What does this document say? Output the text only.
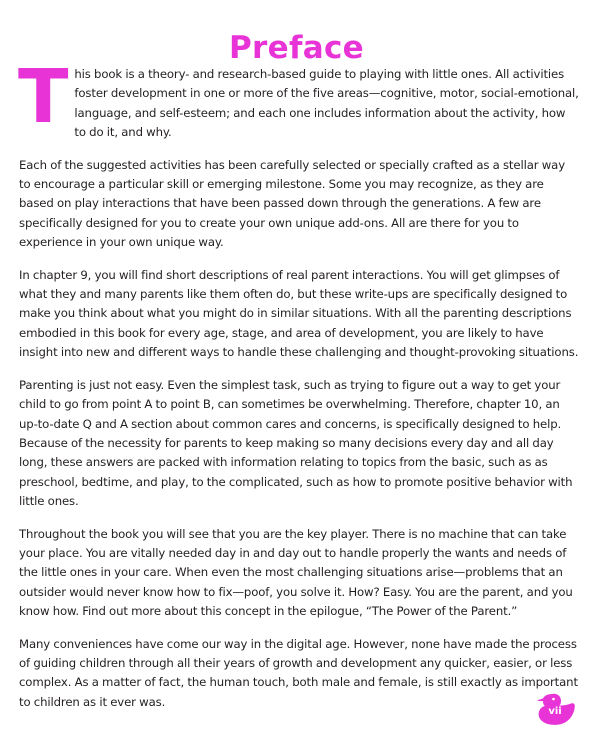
Preface

This book is a theory- and research-based guide to playing with little ones. All activities foster development in one or more of the five areas—cognitive, motor, social-emotional, language, and self-esteem; and each one includes information about the activity, how to do it, and why.

Each of the suggested activities has been carefully selected or specially crafted as a stellar way to encourage a particular skill or emerging milestone. Some you may recognize, as they are based on play interactions that have been passed down through the generations. A few are specifically designed for you to create your own unique add-ons. All are there for you to experience in your own unique way.

In chapter 9, you will find short descriptions of real parent interactions. You will get glimpses of what they and many parents like them often do, but these write-ups are specifically designed to make you think about what you might do in similar situations. With all the parenting descriptions embodied in this book for every age, stage, and area of development, you are likely to have insight into new and different ways to handle these challenging and thought-provoking situations.

Parenting is just not easy. Even the simplest task, such as trying to figure out a way to get your child to go from point A to point B, can sometimes be overwhelming. Therefore, chapter 10, an up-to-date Q and A section about common cares and concerns, is specifically designed to help. Because of the necessity for parents to keep making so many decisions every day and all day long, these answers are packed with information relating to topics from the basic, such as as preschool, bedtime, and play, to the complicated, such as how to promote positive behavior with little ones.

Throughout the book you will see that you are the key player. There is no machine that can take your place. You are vitally needed day in and day out to handle properly the wants and needs of the little ones in your care. When even the most challenging situations arise—problems that an outsider would never know how to fix—poof, you solve it. How? Easy. You are the parent, and you know how. Find out more about this concept in the epilogue, “The Power of the Parent.”

Many conveniences have come our way in the digital age. However, none have made the process of guiding children through all their years of growth and development any quicker, easier, or less complex. As a matter of fact, the human touch, both male and female, is still exactly as important to children as it ever was.

vii
